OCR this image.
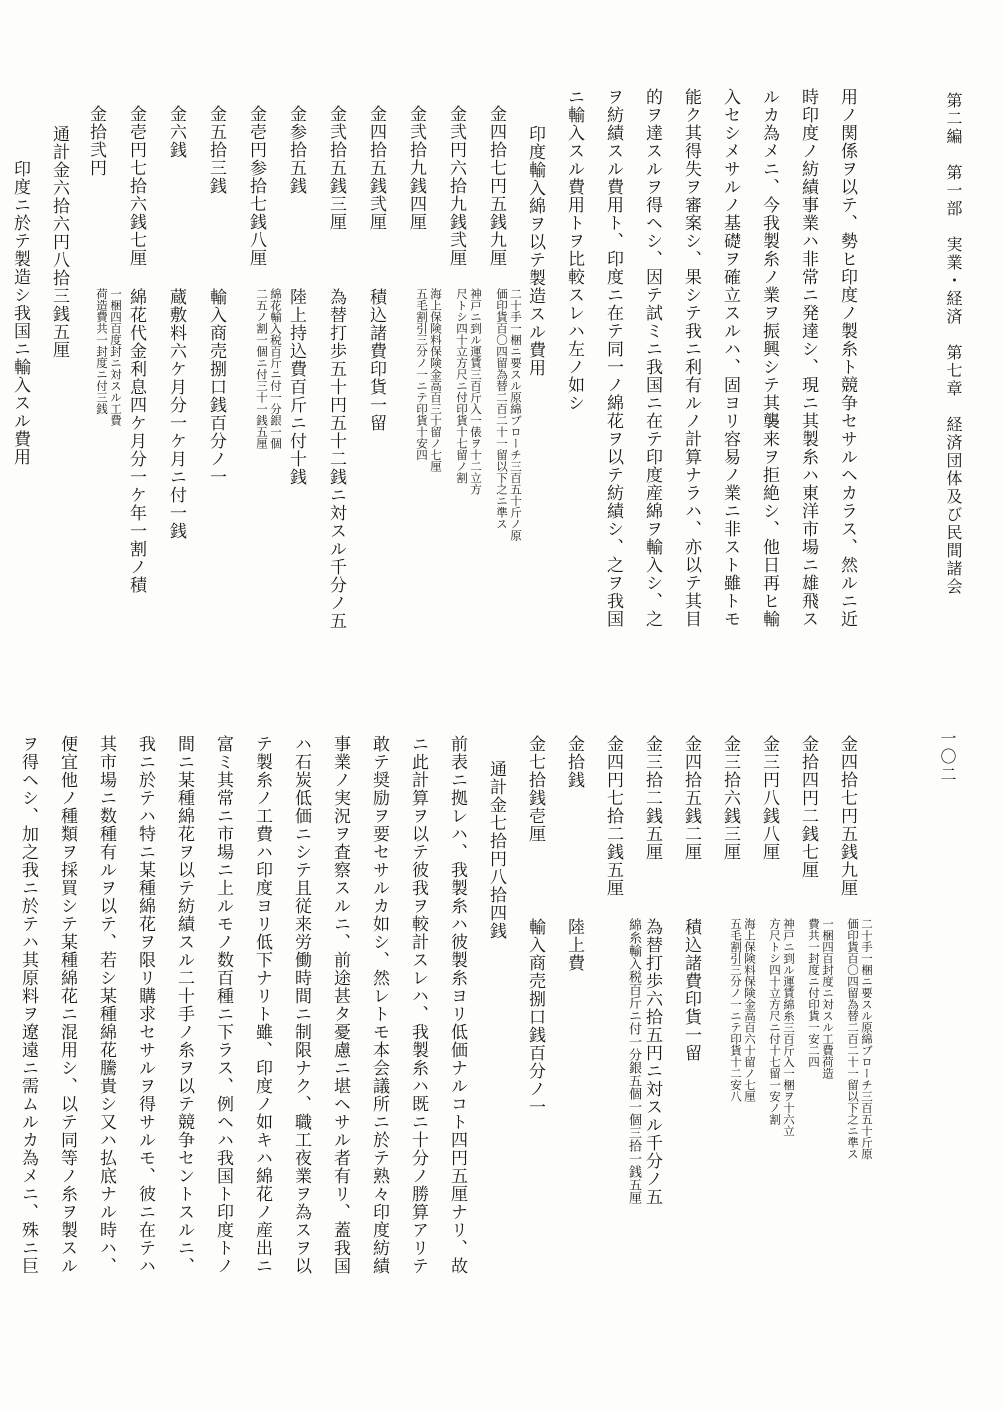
第二編　第一部　実業・経済　第七章　経済団体及び民間諸会
一〇二
用ノ関係ヲ以テ、勢ヒ印度ノ製糸ト競争セサルヘカラス、然ルニ近
時印度ノ紡績事業ハ非常ニ発達シ、現ニ其製糸ハ東洋市場ニ雄飛ス
ルカ為メニ、今我製糸ノ業ヲ振興シテ其襲来ヲ拒絶シ、他日再ヒ輸
入セシメサルノ基礎ヲ確立スルハ、固ヨリ容易ノ業ニ非スト雖トモ
能ク其得失ヲ審案シ、果シテ我ニ利有ルノ計算ナラハ、亦以テ其目
的ヲ達スルヲ得ヘシ、因テ試ミニ我国ニ在テ印度産綿ヲ輸入シ、之
ヲ紡績スル費用ト、印度ニ在テ同一ノ綿花ヲ以テ紡績シ、之ヲ我国
ニ輸入スル費用トヲ比較スレハ左ノ如シ
印度輸入綿ヲ以テ製造スル費用
金四拾七円五銭九厘
二十手一梱ニ要スル原綿ブローチ三百五十斤ノ原
価印貨百〇四留為替二百二十一留以下之ニ準ス
金弐円六拾九銭弐厘
神戸ニ到ル運賃三百斤入一俵ヲ十二立方
尺トシ四十立方尺ニ付印貨十七留ノ割
金弐拾九銭四厘
海上保険料保険金高百三十留ノ七厘
五毛割引三分ノ一ニテ印貨十安四
金四拾五銭弐厘
積込諸費印貨一留
金弐拾五銭三厘
為替打歩五十円五十二銭ニ対スル千分ノ五
金参拾五銭
陸上持込費百斤ニ付十銭
金壱円参拾七銭八厘
綿花輸入税百斤ニ付一分銀一個
二五ノ割一個ニ付三十一銭五厘
金五拾三銭
輸入商売捌口銭百分ノ一
金六銭
蔵敷料六ケ月分一ケ月ニ付一銭
金壱円七拾六銭七厘
綿花代金利息四ケ月分一ケ年一割ノ積
金拾弐円
一梱四百度封ニ対スル工費
荷造費共一封度ニ付三銭
通計金六拾六円八拾三銭五厘
印度ニ於テ製造シ我国ニ輸入スル費用
金四拾七円五銭九厘
二十手一梱ニ要スル原綿ブローチ三百五十斤原
価印貨百〇四留為替二百二十一留以下之ニ準ス
金拾四円二銭七厘
一梱四百封度ニ対スル工費荷造
費共一封度ニ付印貨一安二四
金三円八銭八厘
神戸ニ到ル運賃綿糸三百斤入一梱ヲ十六立
方尺トシ四十立方尺ニ付十七留一安ノ割
金三拾六銭三厘
海上保険料保険金高百六十留ノ七厘
五毛割引三分ノ一ニテ印貨十二安八
金四拾五銭二厘
積込諸費印貨一留
金三拾二銭五厘
為替打歩六拾五円ニ対スル千分ノ五
金四円七拾二銭五厘
綿糸輸入税百斤ニ付一分銀五個一個三拾一銭五厘
金拾銭
陸上費
金七拾銭壱厘
輸入商売捌口銭百分ノ一
通計金七拾円八拾四銭
前表ニ拠レハ、我製糸ハ彼製糸ヨリ低価ナルコト四円五厘ナリ、故
ニ此計算ヲ以テ彼我ヲ較計スレハ、我製糸ハ既ニ十分ノ勝算アリテ
敢テ奨励ヲ要セサルカ如シ、然レトモ本会議所ニ於テ熟々印度紡績
事業ノ実況ヲ査察スルニ、前途甚タ憂慮ニ堪ヘサル者有リ、蓋我国
ハ石炭低価ニシテ且従来労働時間ニ制限ナク、職工夜業ヲ為スヲ以
テ製糸ノ工費ハ印度ヨリ低下ナリト雖、印度ノ如キハ綿花ノ産出ニ
富ミ其常ニ市場ニ上ルモノ数百種ニ下ラス、例ヘハ我国ト印度トノ
間ニ某種綿花ヲ以テ紡績スル二十手ノ糸ヲ以テ競争セントスルニ、
我ニ於テハ特ニ某種綿花ヲ限リ購求セサルヲ得サルモ、彼ニ在テハ
其市場ニ数種有ルヲ以テ、若シ某種綿花騰貴シ又ハ払底ナル時ハ、
便宜他ノ種類ヲ採買シテ某種綿花ニ混用シ、以テ同等ノ糸ヲ製スル
ヲ得ヘシ、加之我ニ於テハ其原料ヲ遼遠ニ需ムルカ為メニ、殊ニ巨
